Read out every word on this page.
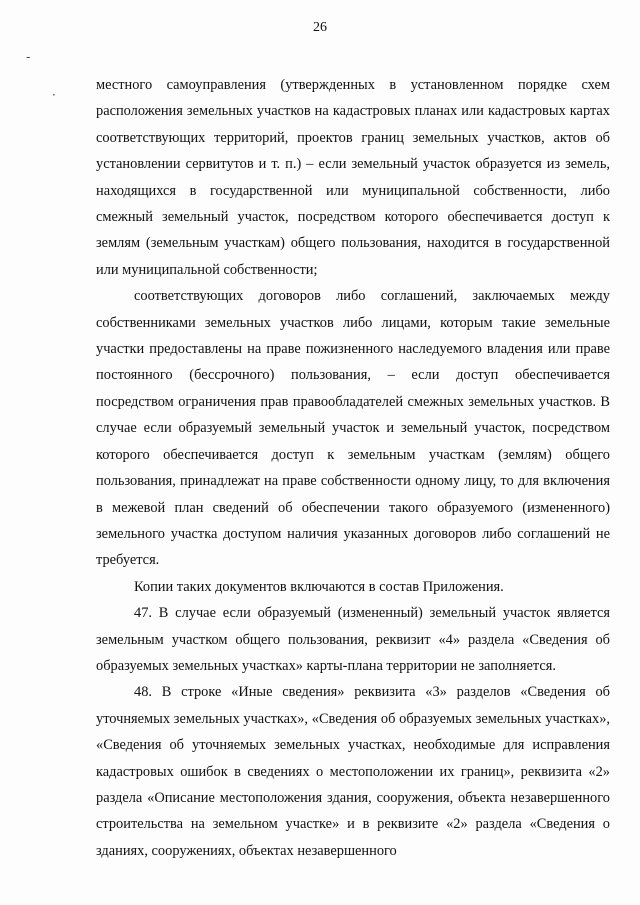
-
·
26

местного самоуправления (утвержденных в установленном порядке схем расположения земельных участков на кадастровых планах или кадастровых картах соответствующих территорий, проектов границ земельных участков, актов об установлении сервитутов и т. п.) – если земельный участок образуется из земель, находящихся в государственной или муниципальной собственности, либо смежный земельный участок, посредством которого обеспечивается доступ к землям (земельным участкам) общего пользования, находится в государственной или муниципальной собственности;

соответствующих договоров либо соглашений, заключаемых между собственниками земельных участков либо лицами, которым такие земельные участки предоставлены на праве пожизненного наследуемого владения или праве постоянного (бессрочного) пользования, – если доступ обеспечивается посредством ограничения прав правообладателей смежных земельных участков. В случае если образуемый земельный участок и земельный участок, посредством которого обеспечивается доступ к земельным участкам (землям) общего пользования, принадлежат на праве собственности одному лицу, то для включения в межевой план сведений об обеспечении такого образуемого (измененного) земельного участка доступом наличия указанных договоров либо соглашений не требуется.

Копии таких документов включаются в состав Приложения.

47. В случае если образуемый (измененный) земельный участок является земельным участком общего пользования, реквизит «4» раздела «Сведения об образуемых земельных участках» карты-плана территории не заполняется.

48. В строке «Иные сведения» реквизита «3» разделов «Сведения об уточняемых земельных участках», «Сведения об образуемых земельных участках», «Сведения об уточняемых земельных участках, необходимые для исправления кадастровых ошибок в сведениях о местоположении их границ», реквизита «2» раздела «Описание местоположения здания, сооружения, объекта незавершенного строительства на земельном участке» и в реквизите «2» раздела «Сведения о зданиях, сооружениях, объектах незавершенного
